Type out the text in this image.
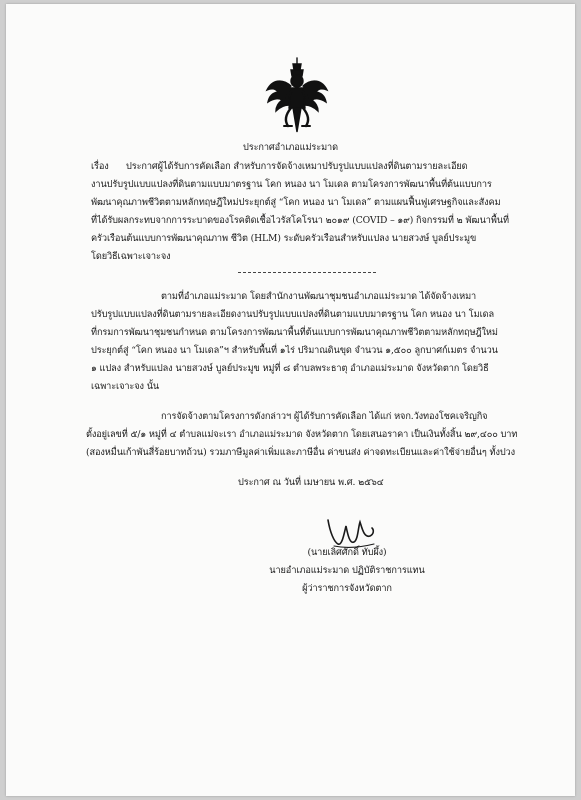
ประกาศอำเภอแม่ระมาด
เรื่อง ประกาศผู้ได้รับการคัดเลือก สำหรับการจัดจ้างเหมาปรับรูปแบบแปลงที่ดินตามรายละเอียด
งานปรับรูปแบบแปลงที่ดินตามแบบมาตรฐาน โคก หนอง นา โมเดล ตามโครงการพัฒนาพื้นที่ต้นแบบการ
พัฒนาคุณภาพชีวิตตามหลักทฤษฎีใหม่ประยุกต์สู่ “โคก หนอง นา โมเดล” ตามแผนฟื้นฟูเศรษฐกิจและสังคม
ที่ได้รับผลกระทบจากการระบาดของโรคติดเชื้อไวรัสโคโรนา ๒๐๑๙ (COVID – ๑๙) กิจกรรมที่ ๒ พัฒนาพื้นที่
ครัวเรือนต้นแบบการพัฒนาคุณภาพ ชีวิต (HLM) ระดับครัวเรือนสำหรับแปลง นายสวงษ์ บูลย์ประมูข
โดยวิธีเฉพาะเจาะจง
ตามที่อำเภอแม่ระมาด โดยสำนักงานพัฒนาชุมชนอำเภอแม่ระมาด ได้จัดจ้างเหมา
ปรับรูปแบบแปลงที่ดินตามรายละเอียดงานปรับรูปแบบแปลงที่ดินตามแบบมาตรฐาน โคก หนอง นา โมเดล
ที่กรมการพัฒนาชุมชนกำหนด ตามโครงการพัฒนาพื้นที่ต้นแบบการพัฒนาคุณภาพชีวิตตามหลักทฤษฎีใหม่
ประยุกต์สู่ “โคก หนอง นา โมเดล”ฯ สำหรับพื้นที่ ๑ไร่ ปริมาณดินขุด จำนวน ๑,๕๐๐ ลูกบาศก์เมตร จำนวน
๑ แปลง สำหรับแปลง นายสวงษ์ บูลย์ประมูข หมู่ที่ ๘ ตำบลพระธาตุ อำเภอแม่ระมาด จังหวัดตาก โดยวิธี
เฉพาะเจาะจง นั้น
การจัดจ้างตามโครงการดังกล่าวฯ ผู้ได้รับการคัดเลือก ได้แก่ หจก.วังทองโชคเจริญกิจ
ตั้งอยู่เลขที่ ๕/๑ หมู่ที่ ๔ ตำบลแม่จะเรา อำเภอแม่ระมาด จังหวัดตาก โดยเสนอราคา เป็นเงินทั้งสิ้น ๒๙,๔๐๐ บาท
(สองหมื่นเก้าพันสี่ร้อยบาทถ้วน) รวมภาษีมูลค่าเพิ่มและภาษีอื่น ค่าขนส่ง ค่าจดทะเบียนและค่าใช้จ่ายอื่นๆ ทั้งปวง
ประกาศ ณ วันที่ เมษายน พ.ศ. ๒๕๖๔
(นายเลิศศักดิ์ ทับผึ้ง)
นายอำเภอแม่ระมาด ปฏิบัติราชการแทน
ผู้ว่าราชการจังหวัดตาก
